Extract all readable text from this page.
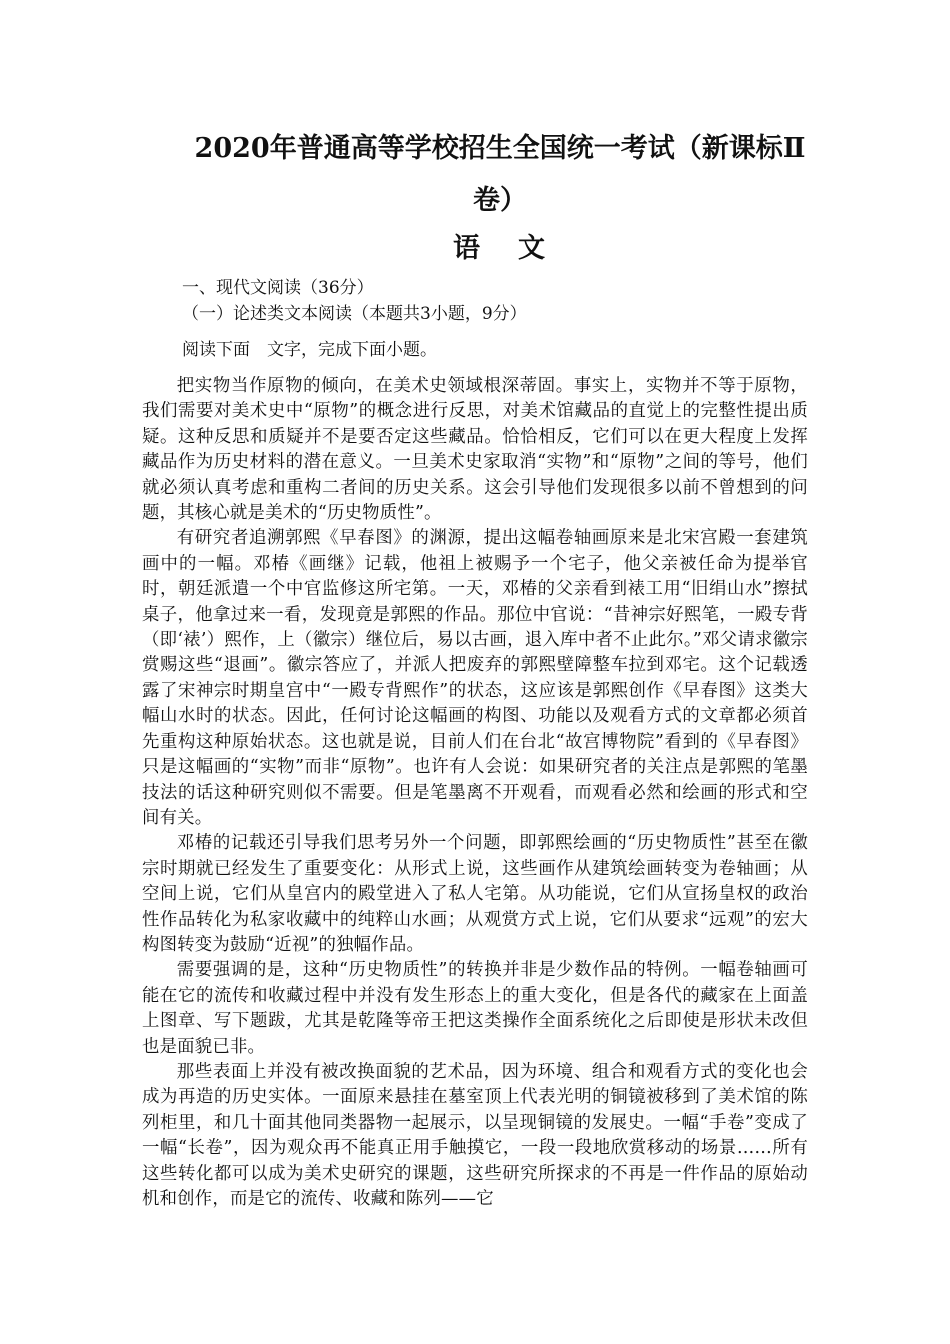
2020年普通高等学校招生全国统一考试（新课标Ⅱ
卷）
语 文
一、现代文阅读（36分）
（一）论述类文本阅读（本题共3小题，9分）
阅读下面　文字，完成下面小题。

把实物当作原物的倾向，在美术史领域根深蒂固。事实上，实物并不等于原物，我们需要对美术史中“原物”的概念进行反思，对美术馆藏品的直觉上的完整性提出质疑。这种反思和质疑并不是要否定这些藏品。恰恰相反，它们可以在更大程度上发挥藏品作为历史材料的潜在意义。一旦美术史家取消“实物”和“原物”之间的等号，他们就必须认真考虑和重构二者间的历史关系。这会引导他们发现很多以前不曾想到的问题，其核心就是美术的“历史物质性”。

有研究者追溯郭熙《早春图》的渊源，提出这幅卷轴画原来是北宋宫殿一套建筑画中的一幅。邓椿《画继》记载，他祖上被赐予一个宅子，他父亲被任命为提举官时，朝廷派遣一个中官监修这所宅第。一天，邓椿的父亲看到裱工用“旧绢山水”擦拭桌子，他拿过来一看，发现竟是郭熙的作品。那位中官说：“昔神宗好熙笔，一殿专背（即‘裱’）熙作，上（徽宗）继位后，易以古画，退入库中者不止此尔。”邓父请求徽宗赏赐这些“退画”。徽宗答应了，并派人把废弃的郭熙壁障整车拉到邓宅。这个记载透露了宋神宗时期皇宫中“一殿专背熙作”的状态，这应该是郭熙创作《早春图》这类大幅山水时的状态。因此，任何讨论这幅画的构图、功能以及观看方式的文章都必须首先重构这种原始状态。这也就是说，目前人们在台北“故宫博物院”看到的《早春图》只是这幅画的“实物”而非“原物”。也许有人会说：如果研究者的关注点是郭熙的笔墨技法的话这种研究则似不需要。但是笔墨离不开观看，而观看必然和绘画的形式和空间有关。

邓椿的记载还引导我们思考另外一个问题，即郭熙绘画的“历史物质性”甚至在徽宗时期就已经发生了重要变化：从形式上说，这些画作从建筑绘画转变为卷轴画；从空间上说，它们从皇宫内的殿堂进入了私人宅第。从功能说，它们从宣扬皇权的政治性作品转化为私家收藏中的纯粹山水画；从观赏方式上说，它们从要求“远观”的宏大构图转变为鼓励“近视”的独幅作品。

需要强调的是，这种“历史物质性”的转换并非是少数作品的特例。一幅卷轴画可能在它的流传和收藏过程中并没有发生形态上的重大变化，但是各代的藏家在上面盖上图章、写下题跋，尤其是乾隆等帝王把这类操作全面系统化之后即使是形状未改但也是面貌已非。

那些表面上并没有被改换面貌的艺术品，因为环境、组合和观看方式的变化也会成为再造的历史实体。一面原来悬挂在墓室顶上代表光明的铜镜被移到了美术馆的陈列柜里，和几十面其他同类器物一起展示，以呈现铜镜的发展史。一幅“手卷”变成了一幅“长卷”，因为观众再不能真正用手触摸它，一段一段地欣赏移动的场景……所有这些转化都可以成为美术史研究的课题，这些研究所探求的不再是一件作品的原始动机和创作，而是它的流传、收藏和陈列——它
